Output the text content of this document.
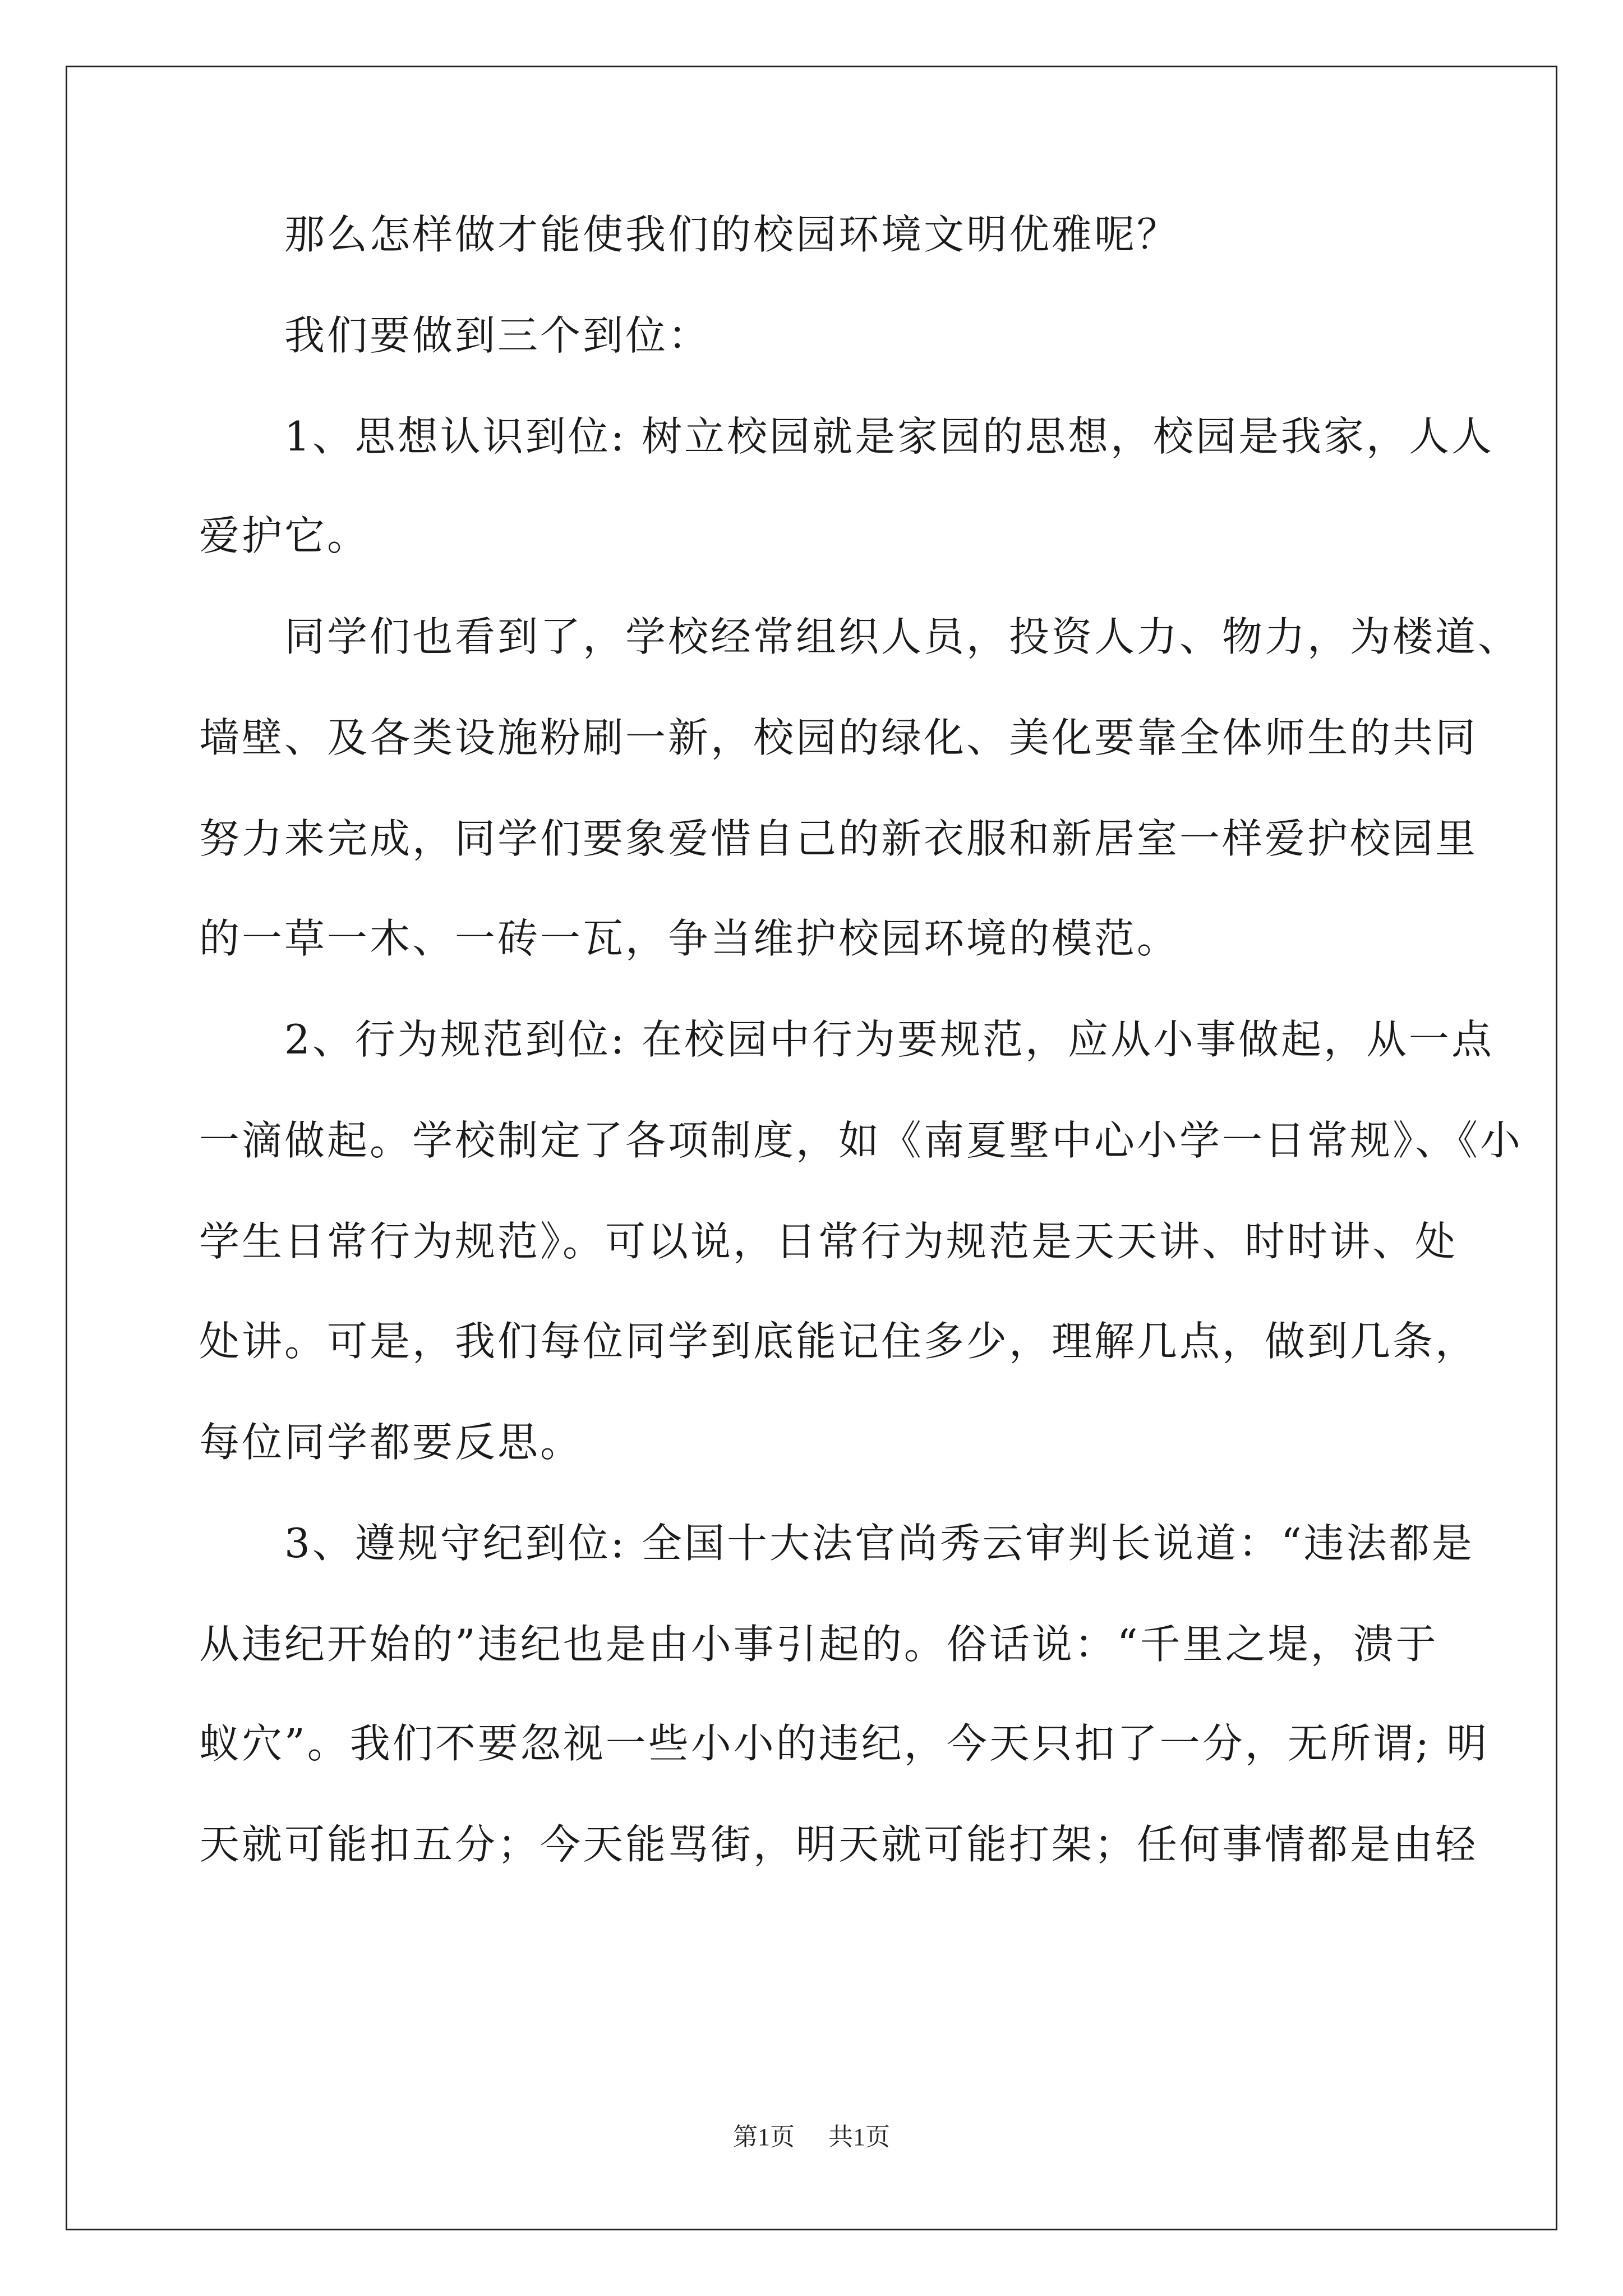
　　那么怎样做才能使我们的校园环境文明优雅呢？
　　我们要做到三个到位：
　　1、思想认识到位: 树立校园就是家园的思想，校园是我家，人人
爱护它。
　　同学们也看到了，学校经常组织人员，投资人力、物力，为楼道、
墙壁、及各类设施粉刷一新，校园的绿化、美化要靠全体师生的共同
努力来完成，同学们要象爱惜自己的新衣服和新居室一样爱护校园里
的一草一木、一砖一瓦，争当维护校园环境的模范。
　　2、行为规范到位: 在校园中行为要规范，应从小事做起，从一点
一滴做起。学校制定了各项制度，如《南夏墅中心小学一日常规》、《小
学生日常行为规范》。可以说，日常行为规范是天天讲、时时讲、处
处讲。可是，我们每位同学到底能记住多少，理解几点，做到几条，
每位同学都要反思。
　　3、遵规守纪到位: 全国十大法官尚秀云审判长说道：“违法都是
从违纪开始的”违纪也是由小事引起的。俗话说：“千里之堤，溃于
蚁穴”。我们不要忽视一些小小的违纪，今天只扣了一分，无所谓; 明
天就可能扣五分；今天能骂街，明天就可能打架；任何事情都是由轻
第1页 共1页
